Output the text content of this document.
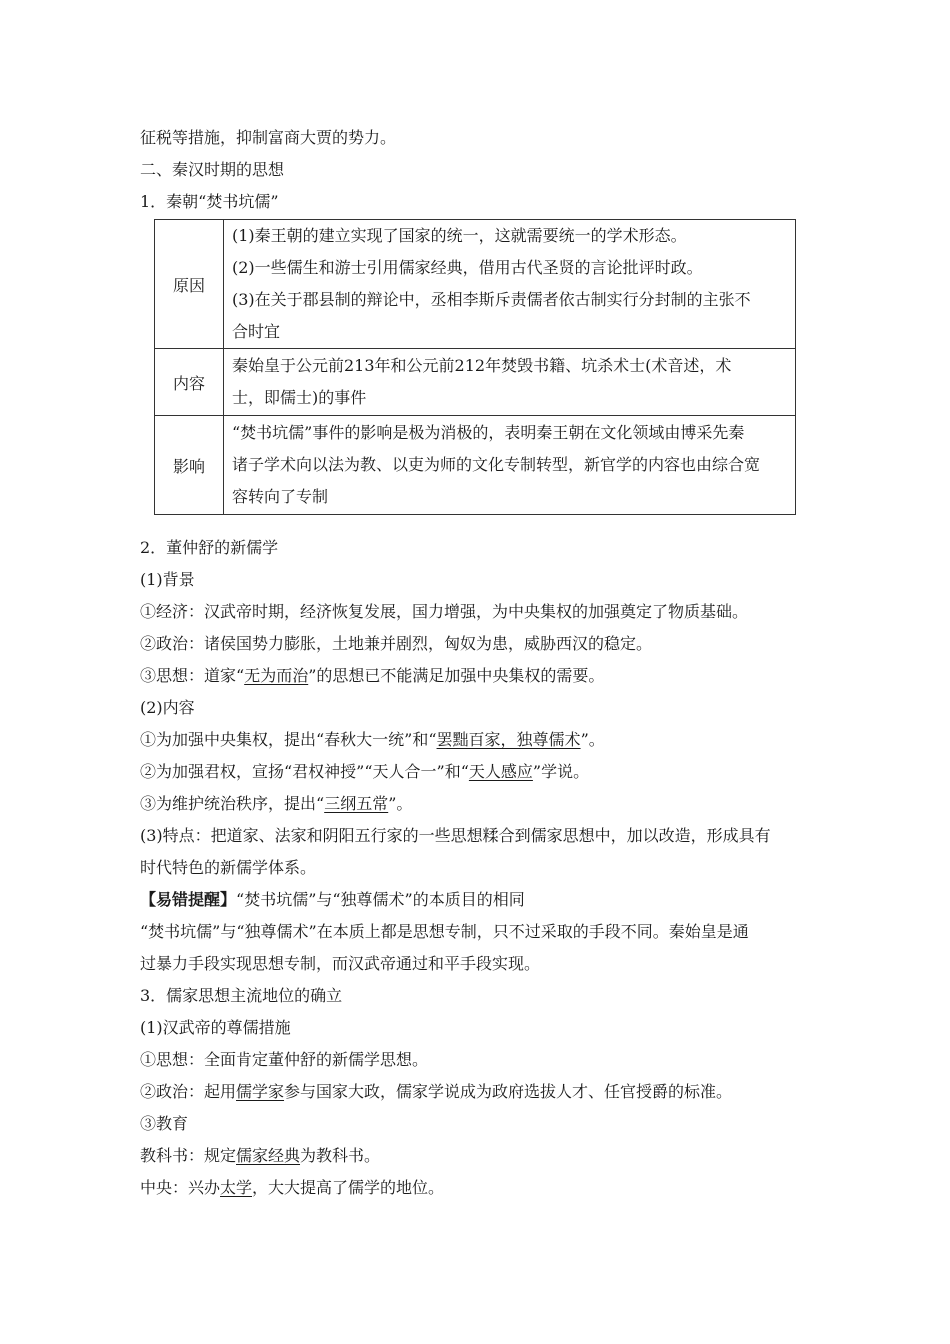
征税等措施，抑制富商大贾的势力。
二、秦汉时期的思想
1．秦朝“焚书坑儒”
原因	(1)秦王朝的建立实现了国家的统一，这就需要统一的学术形态。
(2)一些儒生和游士引用儒家经典，借用古代圣贤的言论批评时政。
(3)在关于郡县制的辩论中，丞相李斯斥责儒者依古制实行分封制的主张不
合时宜

内容	秦始皇于公元前213年和公元前212年焚毁书籍、坑杀术士(术音述，术
士，即儒士)的事件

影响	“焚书坑儒”事件的影响是极为消极的，表明秦王朝在文化领域由博采先秦
诸子学术向以法为教、以吏为师的文化专制转型，新官学的内容也由综合宽
容转向了专制
2．董仲舒的新儒学
(1)背景
①经济：汉武帝时期，经济恢复发展，国力增强，为中央集权的加强奠定了物质基础。
②政治：诸侯国势力膨胀，土地兼并剧烈，匈奴为患，威胁西汉的稳定。
③思想：道家“无为而治”的思想已不能满足加强中央集权的需要。
(2)内容
①为加强中央集权，提出“春秋大一统”和“罢黜百家，独尊儒术”。
②为加强君权，宣扬“君权神授”“天人合一”和“天人感应”学说。
③为维护统治秩序，提出“三纲五常”。
(3)特点：把道家、法家和阴阳五行家的一些思想糅合到儒家思想中，加以改造，形成具有
时代特色的新儒学体系。
【易错提醒】“焚书坑儒”与“独尊儒术”的本质目的相同
“焚书坑儒”与“独尊儒术”在本质上都是思想专制，只不过采取的手段不同。秦始皇是通
过暴力手段实现思想专制，而汉武帝通过和平手段实现。
3．儒家思想主流地位的确立
(1)汉武帝的尊儒措施
①思想：全面肯定董仲舒的新儒学思想。
②政治：起用儒学家参与国家大政，儒家学说成为政府选拔人才、任官授爵的标准。
③教育
教科书：规定儒家经典为教科书。
中央：兴办太学，大大提高了儒学的地位。
